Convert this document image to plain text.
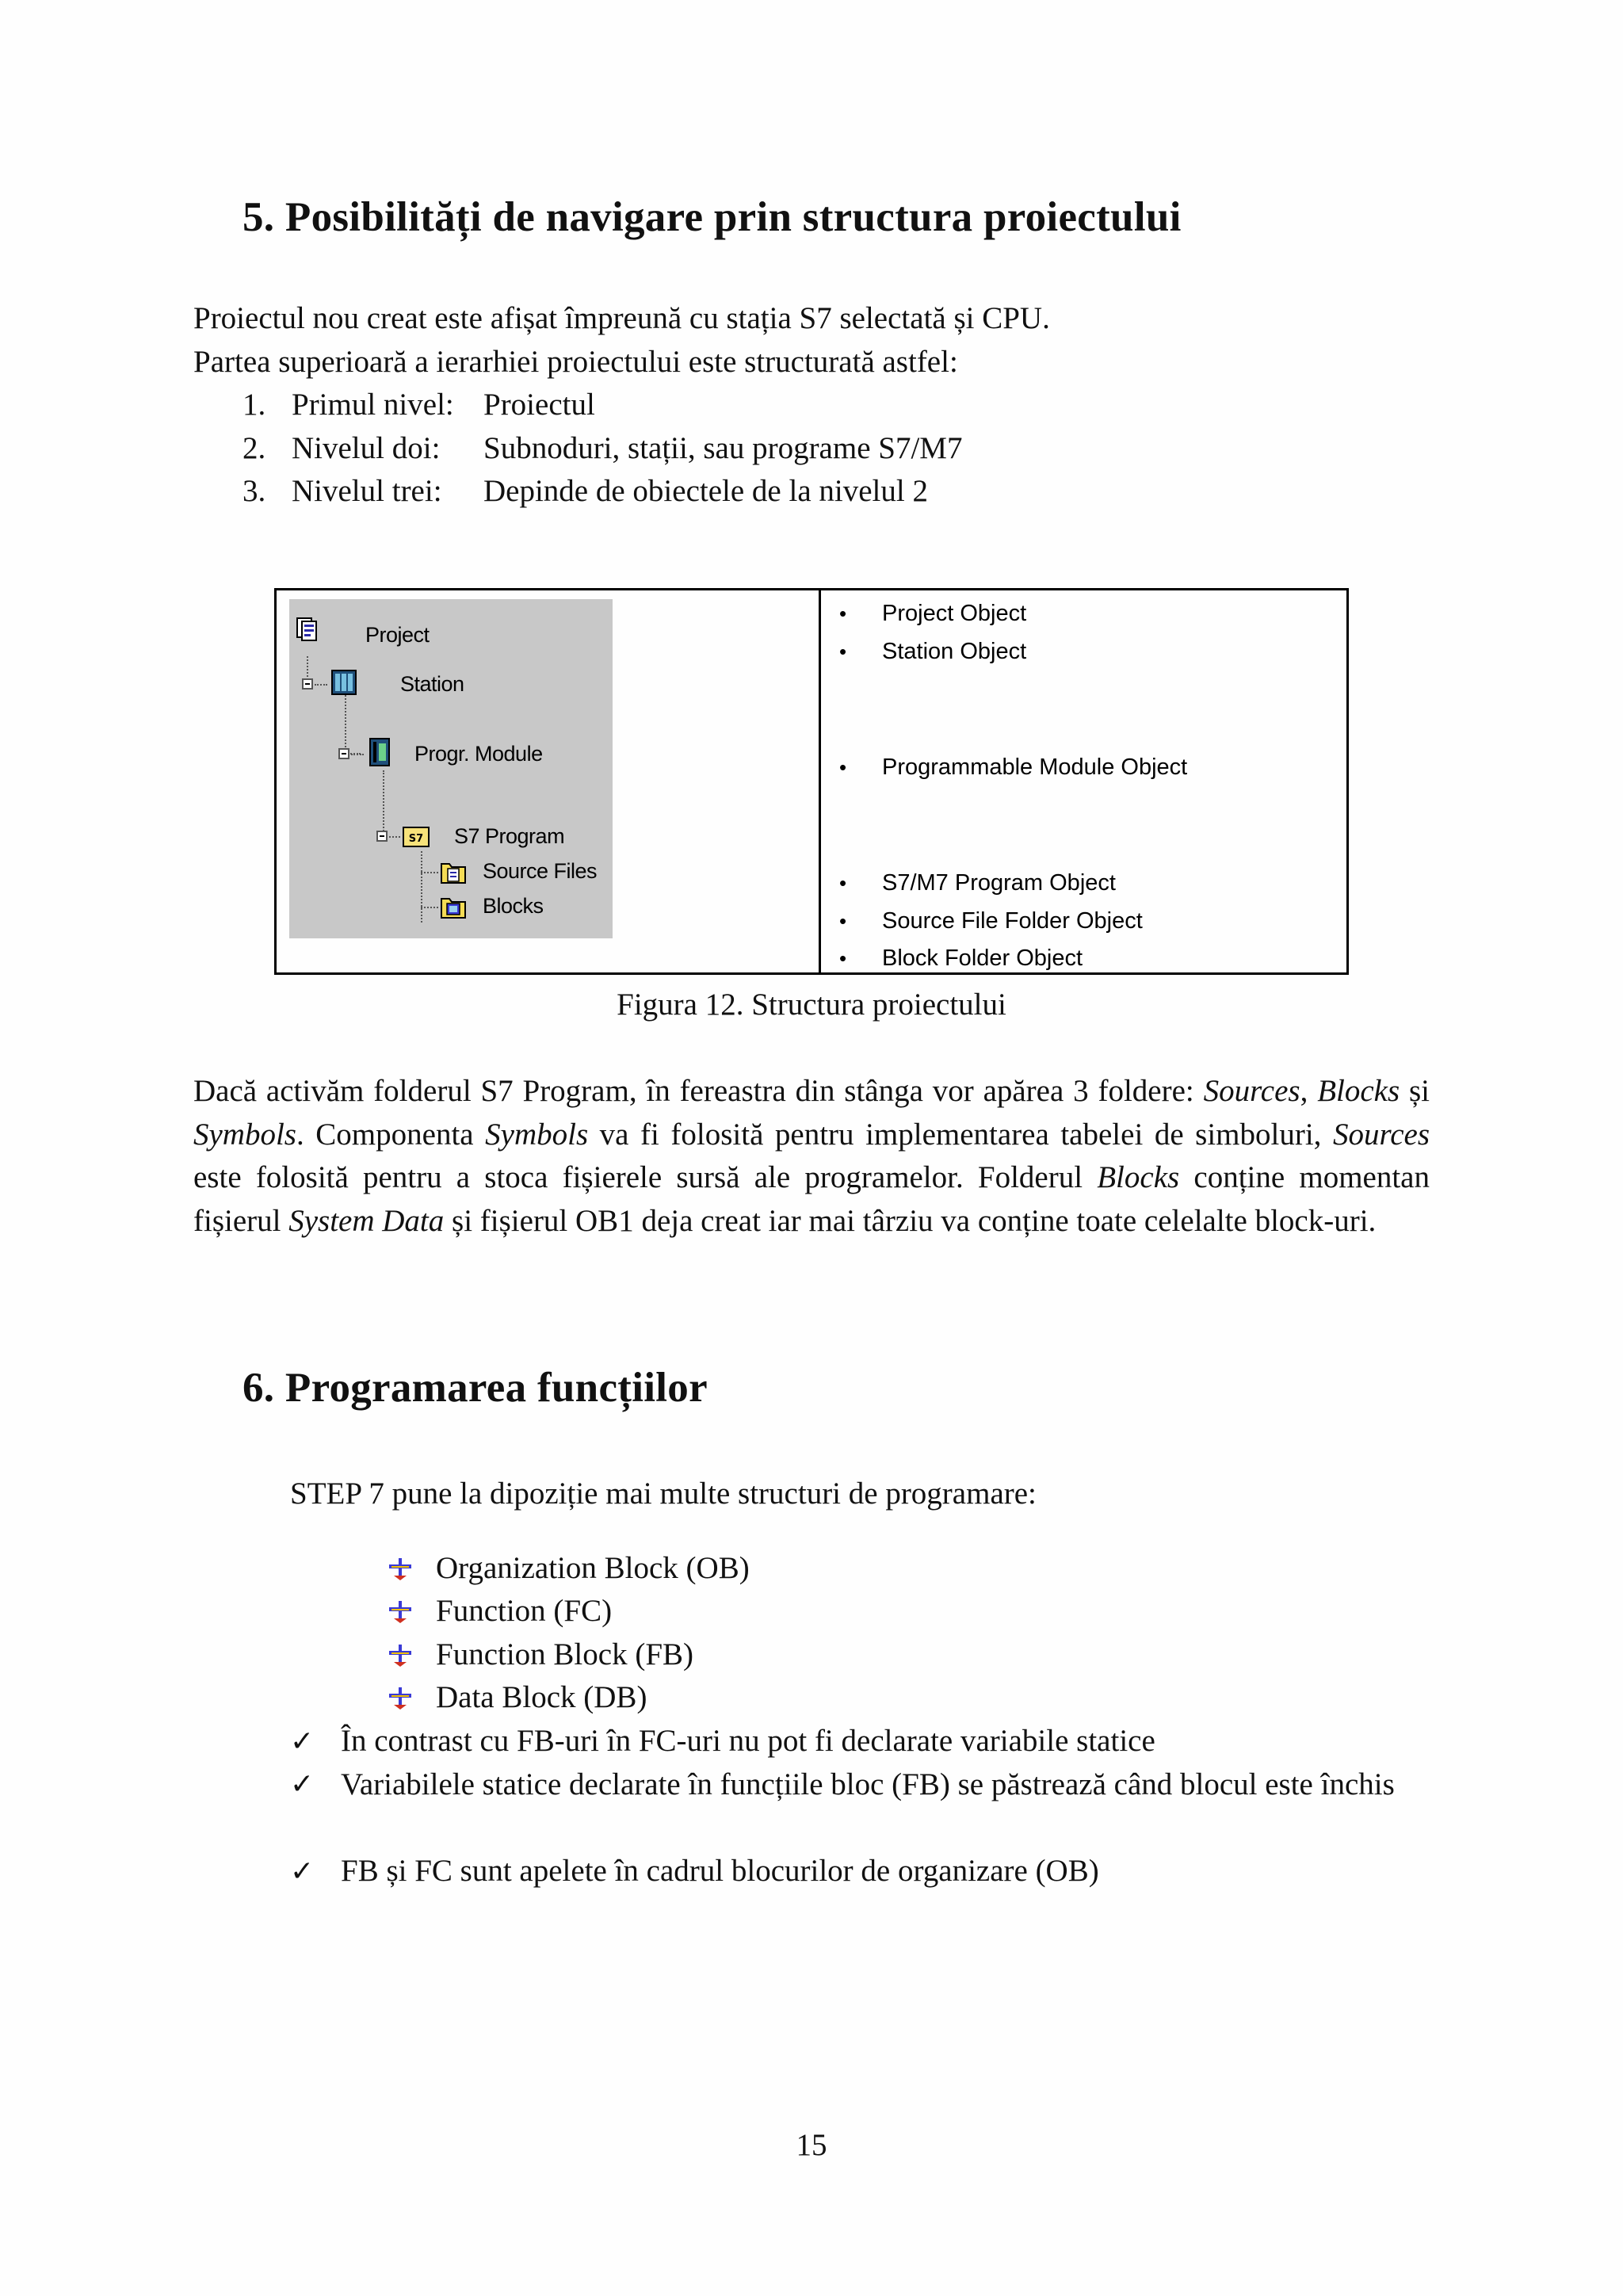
5. Posibilități de navigare prin structura proiectului
Proiectul nou creat este afișat împreună cu stația S7 selectată și CPU.
Partea superioară a ierarhiei proiectului este structurată astfel:
1. Primul nivel: Proiectul
2. Nivelul doi: Subnoduri, stații, sau programe S7/M7
3. Nivelul trei: Depinde de obiectele de la nivelul 2
Project
Station
Progr. Module
S7 S7 Program
Source Files
Blocks
• Project Object
• Station Object
• Programmable Module Object
• S7/M7 Program Object
• Source File Folder Object
• Block Folder Object
Figura 12. Structura proiectului
Dacă activăm folderul S7 Program, în fereastra din stânga vor apărea 3 foldere: Sources, Blocks și Symbols. Componenta Symbols va fi folosită pentru implementarea tabelei de simboluri, Sources este folosită pentru a stoca fișierele sursă ale programelor. Folderul Blocks conține momentan fișierul System Data și fișierul OB1 deja creat iar mai târziu va conține toate celelalte block-uri.
6. Programarea funcțiilor
STEP 7 pune la dipoziție mai multe structuri de programare:
Organization Block (OB)
Function (FC)
Function Block (FB)
Data Block (DB)
✓ În contrast cu FB-uri în FC-uri nu pot fi declarate variabile statice
✓ Variabilele statice declarate în funcțiile bloc (FB) se păstrează când blocul este închis
✓ FB și FC sunt apelete în cadrul blocurilor de organizare (OB)
15
